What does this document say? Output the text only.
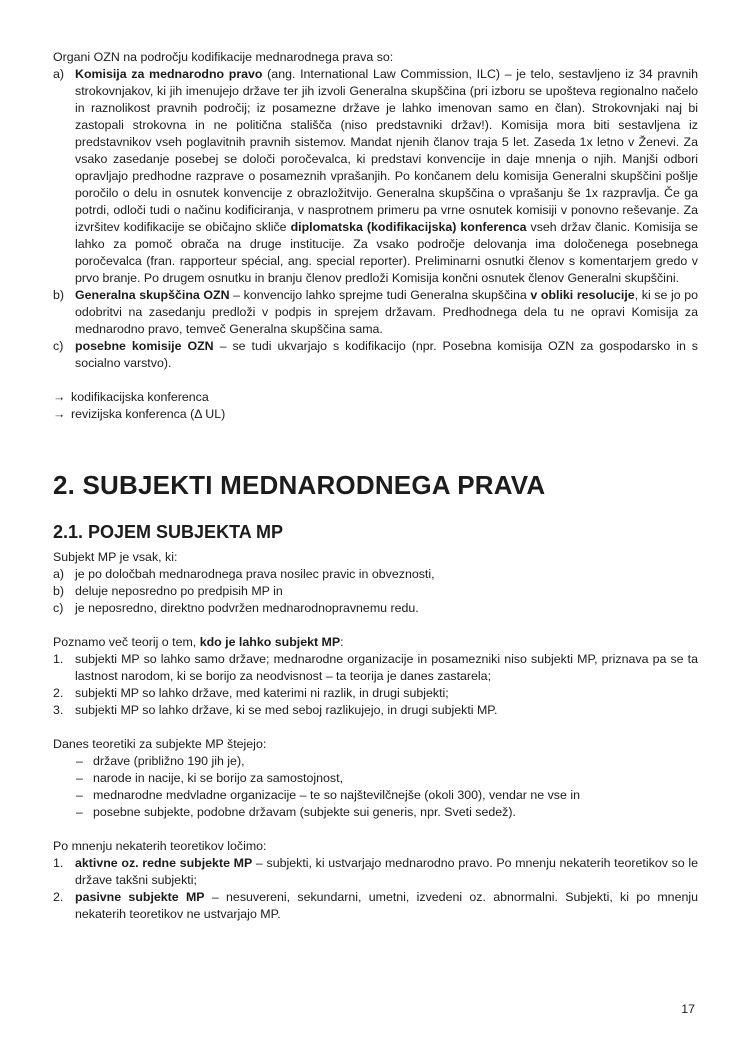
Organi OZN na področju kodifikacije mednarodnega prava so:
a) Komisija za mednarodno pravo (ang. International Law Commission, ILC) – je telo, sestavljeno iz 34 pravnih strokovnjakov, ki jih imenujejo države ter jih izvoli Generalna skupščina (pri izboru se upošteva regionalno načelo in raznolikost pravnih področij; iz posamezne države je lahko imenovan samo en član). Strokovnjaki naj bi zastopali strokovna in ne politična stališča (niso predstavniki držav!). Komisija mora biti sestavljena iz predstavnikov vseh poglavitnih pravnih sistemov. Mandat njenih članov traja 5 let. Zaseda 1x letno v Ženevi. Za vsako zasedanje posebej se določi poročevalca, ki predstavi konvencije in daje mnenja o njih. Manjši odbori opravljajo predhodne razprave o posameznih vprašanjih. Po končanem delu komisija Generalni skupščini pošlje poročilo o delu in osnutek konvencije z obrazložitvijo. Generalna skupščina o vprašanju še 1x razpravlja. Če ga potrdi, odloči tudi o načinu kodificiranja, v nasprotnem primeru pa vrne osnutek komisiji v ponovno reševanje. Za izvršitev kodifikacije se običajno skliče diplomatska (kodifikacijska) konferenca vseh držav članic. Komisija se lahko za pomoč obrača na druge institucije. Za vsako področje delovanja ima določenega posebnega poročevalca (fran. rapporteur spécial, ang. special reporter). Preliminarni osnutki členov s komentarjem gredo v prvo branje. Po drugem osnutku in branju členov predloži Komisija končni osnutek členov Generalni skupščini.
b) Generalna skupščina OZN – konvencijo lahko sprejme tudi Generalna skupščina v obliki resolucije, ki se jo po odobritvi na zasedanju predloži v podpis in sprejem državam. Predhodnega dela tu ne opravi Komisija za mednarodno pravo, temveč Generalna skupščina sama.
c) posebne komisije OZN – se tudi ukvarjajo s kodifikacijo (npr. Posebna komisija OZN za gospodarsko in s socialno varstvo).
→ kodifikacijska konferenca
→ revizijska konferenca (Δ UL)
2. SUBJEKTI MEDNARODNEGA PRAVA
2.1. POJEM SUBJEKTA MP
Subjekt MP je vsak, ki:
a) je po določbah mednarodnega prava nosilec pravic in obveznosti,
b) deluje neposredno po predpisih MP in
c) je neposredno, direktno podvržen mednarodnopravnemu redu.
Poznamo več teorij o tem, kdo je lahko subjekt MP:
1. subjekti MP so lahko samo države; mednarodne organizacije in posamezniki niso subjekti MP, priznava pa se ta lastnost narodom, ki se borijo za neodvisnost – ta teorija je danes zastarela;
2. subjekti MP so lahko države, med katerimi ni razlik, in drugi subjekti;
3. subjekti MP so lahko države, ki se med seboj razlikujejo, in drugi subjekti MP.
Danes teoretiki za subjekte MP štejejo:
– države (približno 190 jih je),
– narode in nacije, ki se borijo za samostojnost,
– mednarodne medvladne organizacije – te so najštevilčnejše (okoli 300), vendar ne vse in
– posebne subjekte, podobne državam (subjekte sui generis, npr. Sveti sedež).
Po mnenju nekaterih teoretikov ločimo:
1. aktivne oz. redne subjekte MP – subjekti, ki ustvarjajo mednarodno pravo. Po mnenju nekaterih teoretikov so le države takšni subjekti;
2. pasivne subjekte MP – nesuvereni, sekundarni, umetni, izvedeni oz. abnormalni. Subjekti, ki po mnenju nekaterih teoretikov ne ustvarjajo MP.
17
